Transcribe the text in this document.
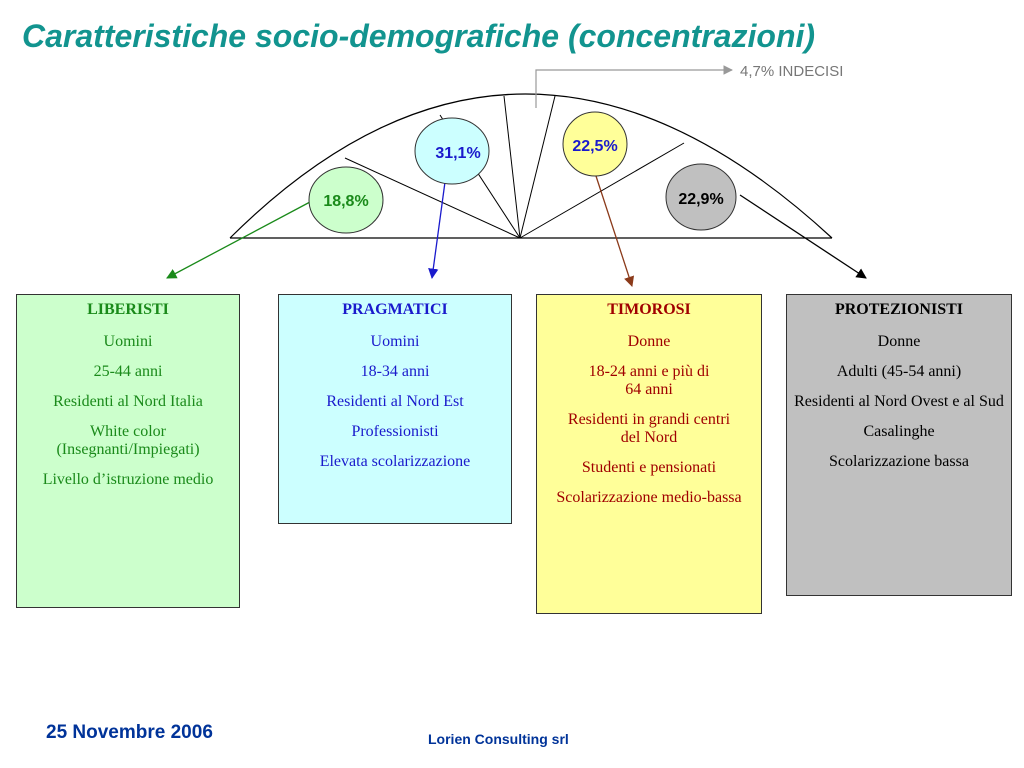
Caratteristiche socio-demografiche (concentrazioni)
4,7% INDECISI
18,8%
31,1%	22,5%
22,9%

LIBERISTI

Uomini

25-44 anni

Residenti al Nord Italia

White color (Insegnanti/Impiegati)

Livello d’istruzione medio

PRAGMATICI

Uomini

18-34 anni

Residenti al Nord Est

Professionisti

Elevata scolarizzazione

TIMOROSI

Donne

18-24 anni e più di 64 anni

Residenti in grandi centri del Nord

Studenti e pensionati

Scolarizzazione medio-bassa

PROTEZIONISTI

Donne

Adulti (45-54 anni)

Residenti al Nord Ovest e al Sud

Casalinghe

Scolarizzazione bassa

25 Novembre 2006	Lorien Consulting srl
